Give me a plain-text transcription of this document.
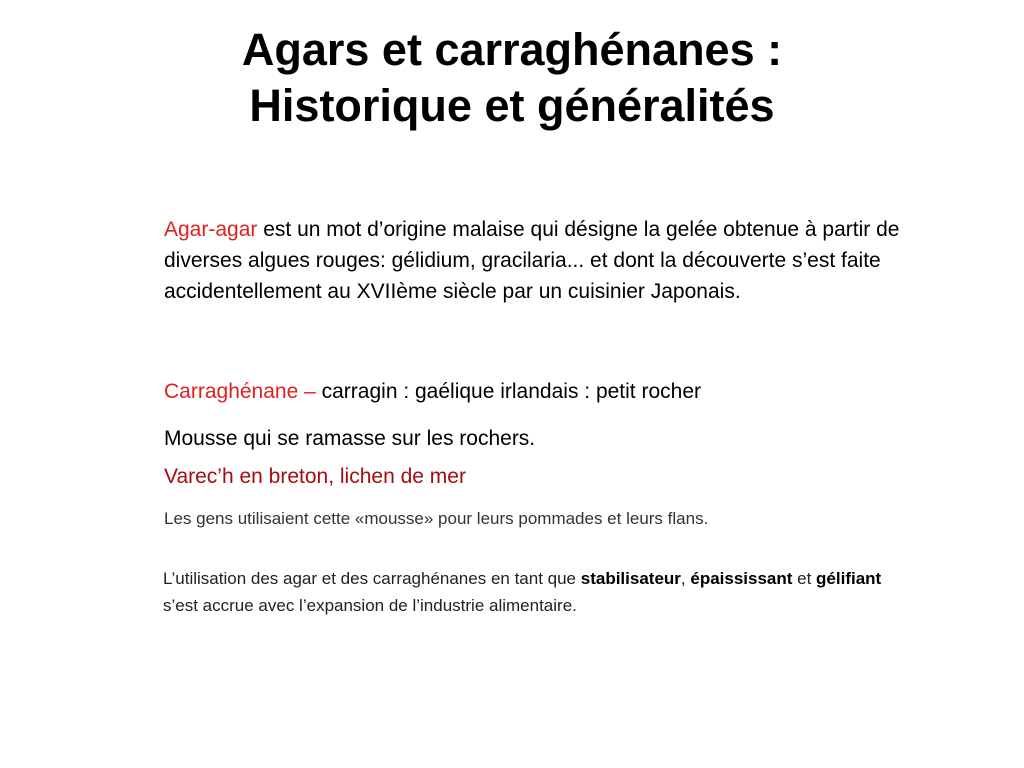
Agars et carraghénanes :
Historique et généralités

Agar-agar est un mot d’origine malaise qui désigne la gelée obtenue à partir de diverses algues rouges: gélidium, gracilaria... et dont la découverte s’est faite accidentellement au XVIIème siècle par un cuisinier Japonais.

Carraghénane – carragin : gaélique irlandais : petit rocher

Mousse qui se ramasse sur les rochers.

Varec’h en breton, lichen de mer

Les gens utilisaient cette «mousse» pour leurs pommades et leurs flans.

L’utilisation des agar et des carraghénanes en tant que stabilisateur, épaississant et gélifiant s’est accrue avec l’expansion de l’industrie alimentaire.
